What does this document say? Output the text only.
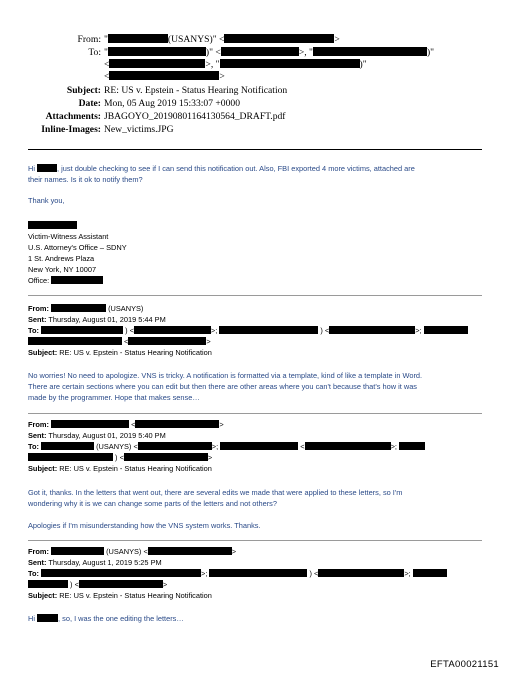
From: "	(USANYS)" <	>
To: "	)" <	>, "	)"
<	>, "	)"
<	>
Subject: RE: US v. Epstein - Status Hearing Notification
Date: Mon, 05 Aug 2019 15:33:07 +0000
Attachments: JBAGOYO_20190801164130564_DRAFT.pdf
Inline-Images: New_victims.JPG
Hi	, just double checking to see if I can send this notification out. Also, FBI exported 4 more victims, attached are
their names. Is it ok to notify them?
Thank you,
Victim-Witness Assistant
U.S. Attorney's Office – SDNY
1 St. Andrews Plaza
New York, NY 10007
Office:
From:	(USANYS)
Sent: Thursday, August 01, 2019 5:44 PM
To:	) <	>;	) <	>;
<	>
Subject: RE: US v. Epstein - Status Hearing Notification
No worries! No need to apologize. VNS is tricky. A notification is formatted via a template, kind of like a template in Word.
There are certain sections where you can edit but then there are other areas where you can't because that's how it was
made by the programmer. Hope that makes sense…
From:	<	>
Sent: Thursday, August 01, 2019 5:40 PM
To:	(USANYS) <	>;	<	>;
) <	>
Subject: RE: US v. Epstein - Status Hearing Notification
Got it, thanks. In the letters that went out, there are several edits we made that were applied to these letters, so I'm
wondering why it is we can change some parts of the letters and not others?
Apologies if I'm misunderstanding how the VNS system works. Thanks.
From:	(USANYS) <	>
Sent: Thursday, August 1, 2019 5:25 PM
To:	>;	) <	>;
) <	>
Subject: RE: US v. Epstein - Status Hearing Notification
Hi	, so, I was the one editing the letters…
EFTA00021151
